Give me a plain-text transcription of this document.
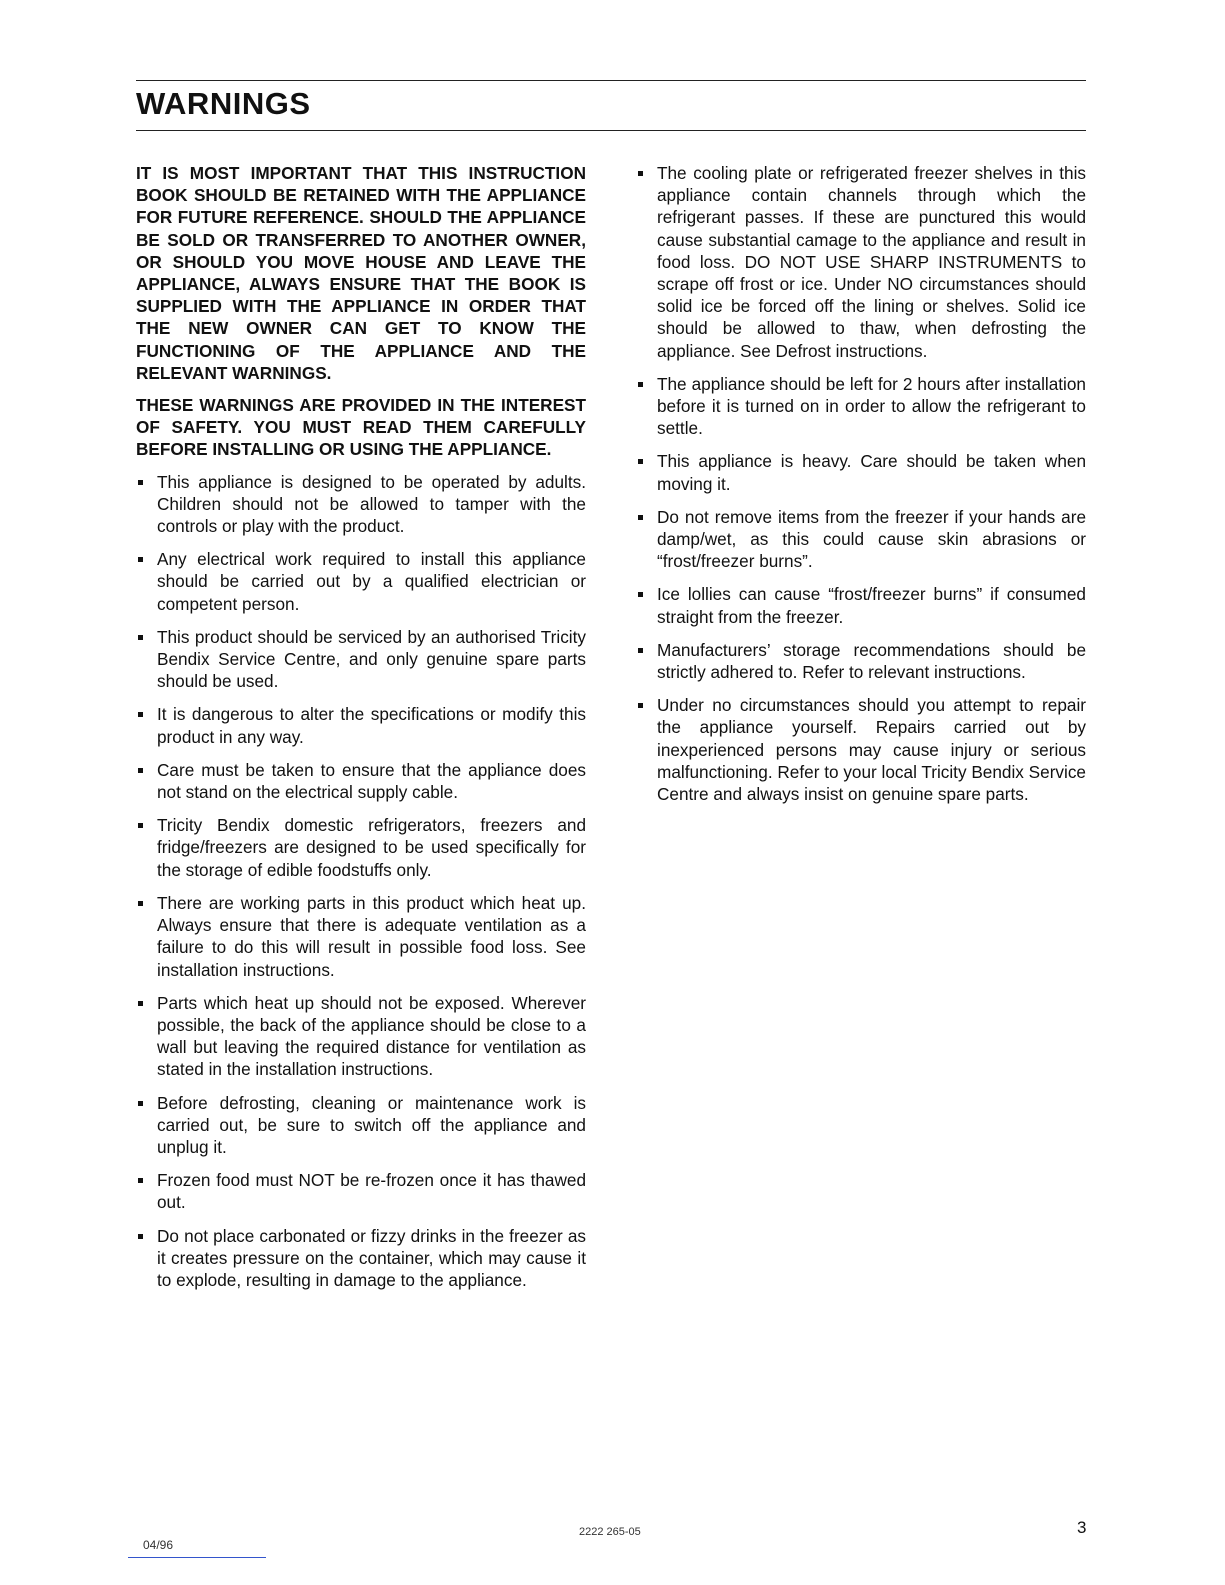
WARNINGS

IT IS MOST IMPORTANT THAT THIS INSTRUCTION BOOK SHOULD BE RETAINED WITH THE APPLIANCE FOR FUTURE REFERENCE. SHOULD THE APPLIANCE BE SOLD OR TRANSFERRED TO ANOTHER OWNER, OR SHOULD YOU MOVE HOUSE AND LEAVE THE APPLIANCE, ALWAYS ENSURE THAT THE BOOK IS SUPPLIED WITH THE APPLIANCE IN ORDER THAT THE NEW OWNER CAN GET TO KNOW THE FUNCTIONING OF THE APPLIANCE AND THE RELEVANT WARNINGS.

THESE WARNINGS ARE PROVIDED IN THE INTEREST OF SAFETY. YOU MUST READ THEM CAREFULLY BEFORE INSTALLING OR USING THE APPLIANCE.

This appliance is designed to be operated by adults. Children should not be allowed to tamper with the controls or play with the product.
Any electrical work required to install this appliance should be carried out by a qualified electrician or competent person.
This product should be serviced by an authorised Tricity Bendix Service Centre, and only genuine spare parts should be used.
It is dangerous to alter the specifications or modify this product in any way.
Care must be taken to ensure that the appliance does not stand on the electrical supply cable.
Tricity Bendix domestic refrigerators, freezers and fridge/freezers are designed to be used specifically for the storage of edible foodstuffs only.
There are working parts in this product which heat up. Always ensure that there is adequate ventilation as a failure to do this will result in possible food loss. See installation instructions.
Parts which heat up should not be exposed. Wherever possible, the back of the appliance should be close to a wall but leaving the required distance for ventilation as stated in the installation instructions.
Before defrosting, cleaning or maintenance work is carried out, be sure to switch off the appliance and unplug it.
Frozen food must NOT be re-frozen once it has thawed out.
Do not place carbonated or fizzy drinks in the freezer as it creates pressure on the container, which may cause it to explode, resulting in damage to the appliance.
The cooling plate or refrigerated freezer shelves in this appliance contain channels through which the refrigerant passes. If these are punctured this would cause substantial camage to the appliance and result in food loss. DO NOT USE SHARP INSTRUMENTS to scrape off frost or ice. Under NO circumstances should solid ice be forced off the lining or shelves. Solid ice should be allowed to thaw, when defrosting the appliance. See Defrost instructions.
The appliance should be left for 2 hours after installation before it is turned on in order to allow the refrigerant to settle.
This appliance is heavy. Care should be taken when moving it.
Do not remove items from the freezer if your hands are damp/wet, as this could cause skin abrasions or “frost/freezer burns”.
Ice lollies can cause “frost/freezer burns” if consumed straight from the freezer.
Manufacturers’ storage recommendations should be strictly adhered to. Refer to relevant instructions.
Under no circumstances should you attempt to repair the appliance yourself. Repairs carried out by inexperienced persons may cause injury or serious malfunctioning. Refer to your local Tricity Bendix Service Centre and always insist on genuine spare parts.
04/96
2222 265-05	3
